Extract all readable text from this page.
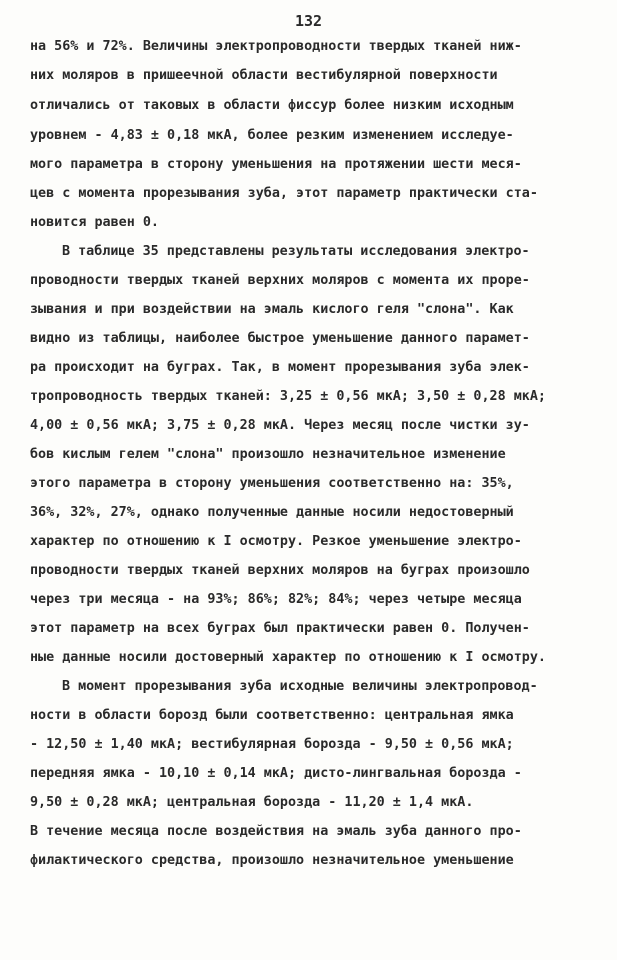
132
на 56% и 72%. Величины электропроводности твердых тканей ниж-
них моляров в пришеечной области вестибулярной поверхности
отличались от таковых в области фиссур более низким исходным
уровнем - 4,83 ± 0,18 мкА, более резким изменением исследуе-
мого параметра в сторону уменьшения на протяжении шести меся-
цев с момента прорезывания зуба, этот параметр практически ста-
новится равен 0.
В таблице 35 представлены результаты исследования электро-
проводности твердых тканей верхних моляров с момента их проре-
зывания и при воздействии на эмаль кислого геля "слона". Как
видно из таблицы, наиболее быстрое уменьшение данного парамет-
ра происходит на буграх. Так, в момент прорезывания зуба элек-
тропроводность твердых тканей: 3,25 ± 0,56 мкА; 3,50 ± 0,28 мкА;
4,00 ± 0,56 мкА; 3,75 ± 0,28 мкА. Через месяц после чистки зу-
бов кислым гелем "слона" произошло незначительное изменение
этого параметра в сторону уменьшения соответственно на: 35%,
36%, 32%, 27%, однако полученные данные носили недостоверный
характер по отношению к I осмотру. Резкое уменьшение электро-
проводности твердых тканей верхних моляров на буграх произошло
через три месяца - на 93%; 86%; 82%; 84%; через четыре месяца
этот параметр на всех буграх был практически равен 0. Получен-
ные данные носили достоверный характер по отношению к I осмотру.
В момент прорезывания зуба исходные величины электропровод-
ности в области борозд были соответственно: центральная ямка
- 12,50 ± 1,40 мкА; вестибулярная борозда - 9,50 ± 0,56 мкА;
передняя ямка - 10,10 ± 0,14 мкА; дисто-лингвальная борозда -
9,50 ± 0,28 мкА; центральная борозда - 11,20 ± 1,4 мкА.
В течение месяца после воздействия на эмаль зуба данного про-
филактического средства, произошло незначительное уменьшение
